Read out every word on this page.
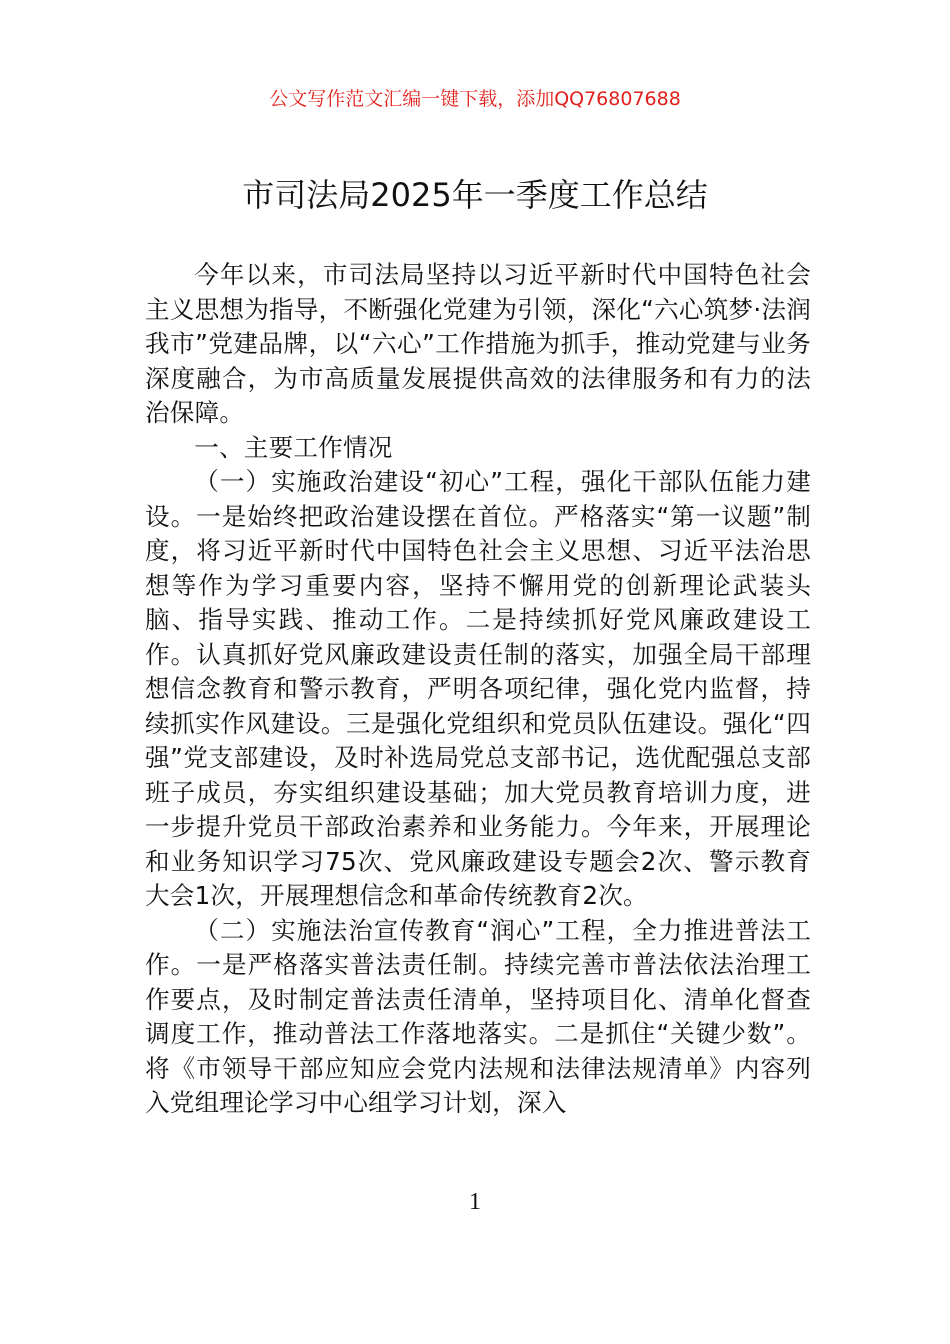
公文写作范文汇编一键下载，添加QQ76807688
市司法局2025年一季度工作总结

今年以来，市司法局坚持以习近平新时代中国特色社会主义思想为指导，不断强化党建为引领，深化“六心筑梦·法润我市”党建品牌，以“六心”工作措施为抓手，推动党建与业务深度融合，为市高质量发展提供高效的法律服务和有力的法治保障。

一、主要工作情况

（一）实施政治建设“初心”工程，强化干部队伍能力建设。一是始终把政治建设摆在首位。严格落实“第一议题”制度，将习近平新时代中国特色社会主义思想、习近平法治思想等作为学习重要内容，坚持不懈用党的创新理论武装头脑、指导实践、推动工作。二是持续抓好党风廉政建设工作。认真抓好党风廉政建设责任制的落实，加强全局干部理想信念教育和警示教育，严明各项纪律，强化党内监督，持续抓实作风建设。三是强化党组织和党员队伍建设。强化“四强”党支部建设，及时补选局党总支部书记，选优配强总支部班子成员，夯实组织建设基础；加大党员教育培训力度，进一步提升党员干部政治素养和业务能力。今年来，开展理论和业务知识学习75次、党风廉政建设专题会2次、警示教育大会1次，开展理想信念和革命传统教育2次。

（二）实施法治宣传教育“润心”工程，全力推进普法工作。一是严格落实普法责任制。持续完善市普法依法治理工作要点，及时制定普法责任清单，坚持项目化、清单化督查调度工作，推动普法工作落地落实。二是抓住“关键少数”。将《市领导干部应知应会党内法规和法律法规清单》内容列入党组理论学习中心组学习计划，深入

1
